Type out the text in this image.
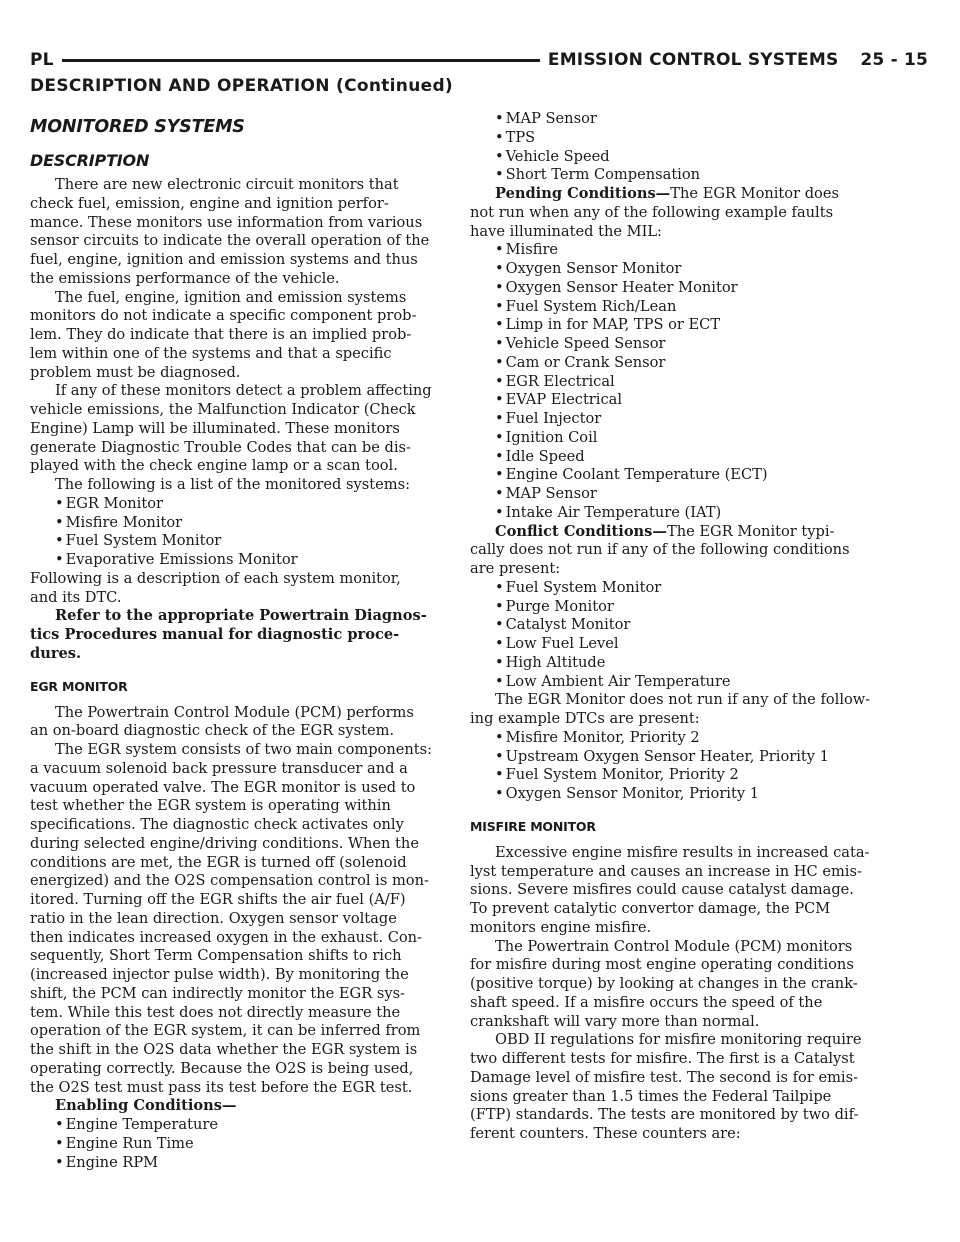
PL	EMISSION CONTROL SYSTEMS 25 - 15
DESCRIPTION AND OPERATION (Continued)
MONITORED SYSTEMS
DESCRIPTION

There are new electronic circuit monitors that

check fuel, emission, engine and ignition perfor-

mance. These monitors use information from various

sensor circuits to indicate the overall operation of the

fuel, engine, ignition and emission systems and thus

the emissions performance of the vehicle.

The fuel, engine, ignition and emission systems

monitors do not indicate a specific component prob-

lem. They do indicate that there is an implied prob-

lem within one of the systems and that a specific

problem must be diagnosed.

If any of these monitors detect a problem affecting

vehicle emissions, the Malfunction Indicator (Check

Engine) Lamp will be illuminated. These monitors

generate Diagnostic Trouble Codes that can be dis-

played with the check engine lamp or a scan tool.

The following is a list of the monitored systems:

• EGR Monitor

• Misfire Monitor

• Fuel System Monitor

• Evaporative Emissions Monitor

Following is a description of each system monitor,

and its DTC.

Refer to the appropriate Powertrain Diagnos-

tics Procedures manual for diagnostic proce-

dures.

EGR MONITOR

The Powertrain Control Module (PCM) performs

an on-board diagnostic check of the EGR system.

The EGR system consists of two main components:

a vacuum solenoid back pressure transducer and a

vacuum operated valve. The EGR monitor is used to

test whether the EGR system is operating within

specifications. The diagnostic check activates only

during selected engine/driving conditions. When the

conditions are met, the EGR is turned off (solenoid

energized) and the O2S compensation control is mon-

itored. Turning off the EGR shifts the air fuel (A/F)

ratio in the lean direction. Oxygen sensor voltage

then indicates increased oxygen in the exhaust. Con-

sequently, Short Term Compensation shifts to rich

(increased injector pulse width). By monitoring the

shift, the PCM can indirectly monitor the EGR sys-

tem. While this test does not directly measure the

operation of the EGR system, it can be inferred from

the shift in the O2S data whether the EGR system is

operating correctly. Because the O2S is being used,

the O2S test must pass its test before the EGR test.

Enabling Conditions—

• Engine Temperature

• Engine Run Time

• Engine RPM

• MAP Sensor

• TPS

• Vehicle Speed

• Short Term Compensation

Pending Conditions—The EGR Monitor does

not run when any of the following example faults

have illuminated the MIL:

• Misfire

• Oxygen Sensor Monitor

• Oxygen Sensor Heater Monitor

• Fuel System Rich/Lean

• Limp in for MAP, TPS or ECT

• Vehicle Speed Sensor

• Cam or Crank Sensor

• EGR Electrical

• EVAP Electrical

• Fuel Injector

• Ignition Coil

• Idle Speed

• Engine Coolant Temperature (ECT)

• MAP Sensor

• Intake Air Temperature (IAT)

Conflict Conditions—The EGR Monitor typi-

cally does not run if any of the following conditions

are present:

• Fuel System Monitor

• Purge Monitor

• Catalyst Monitor

• Low Fuel Level

• High Altitude

• Low Ambient Air Temperature

The EGR Monitor does not run if any of the follow-

ing example DTCs are present:

• Misfire Monitor, Priority 2

• Upstream Oxygen Sensor Heater, Priority 1

• Fuel System Monitor, Priority 2

• Oxygen Sensor Monitor, Priority 1

MISFIRE MONITOR

Excessive engine misfire results in increased cata-

lyst temperature and causes an increase in HC emis-

sions. Severe misfires could cause catalyst damage.

To prevent catalytic convertor damage, the PCM

monitors engine misfire.

The Powertrain Control Module (PCM) monitors

for misfire during most engine operating conditions

(positive torque) by looking at changes in the crank-

shaft speed. If a misfire occurs the speed of the

crankshaft will vary more than normal.

OBD II regulations for misfire monitoring require

two different tests for misfire. The first is a Catalyst

Damage level of misfire test. The second is for emis-

sions greater than 1.5 times the Federal Tailpipe

(FTP) standards. The tests are monitored by two dif-

ferent counters. These counters are:
